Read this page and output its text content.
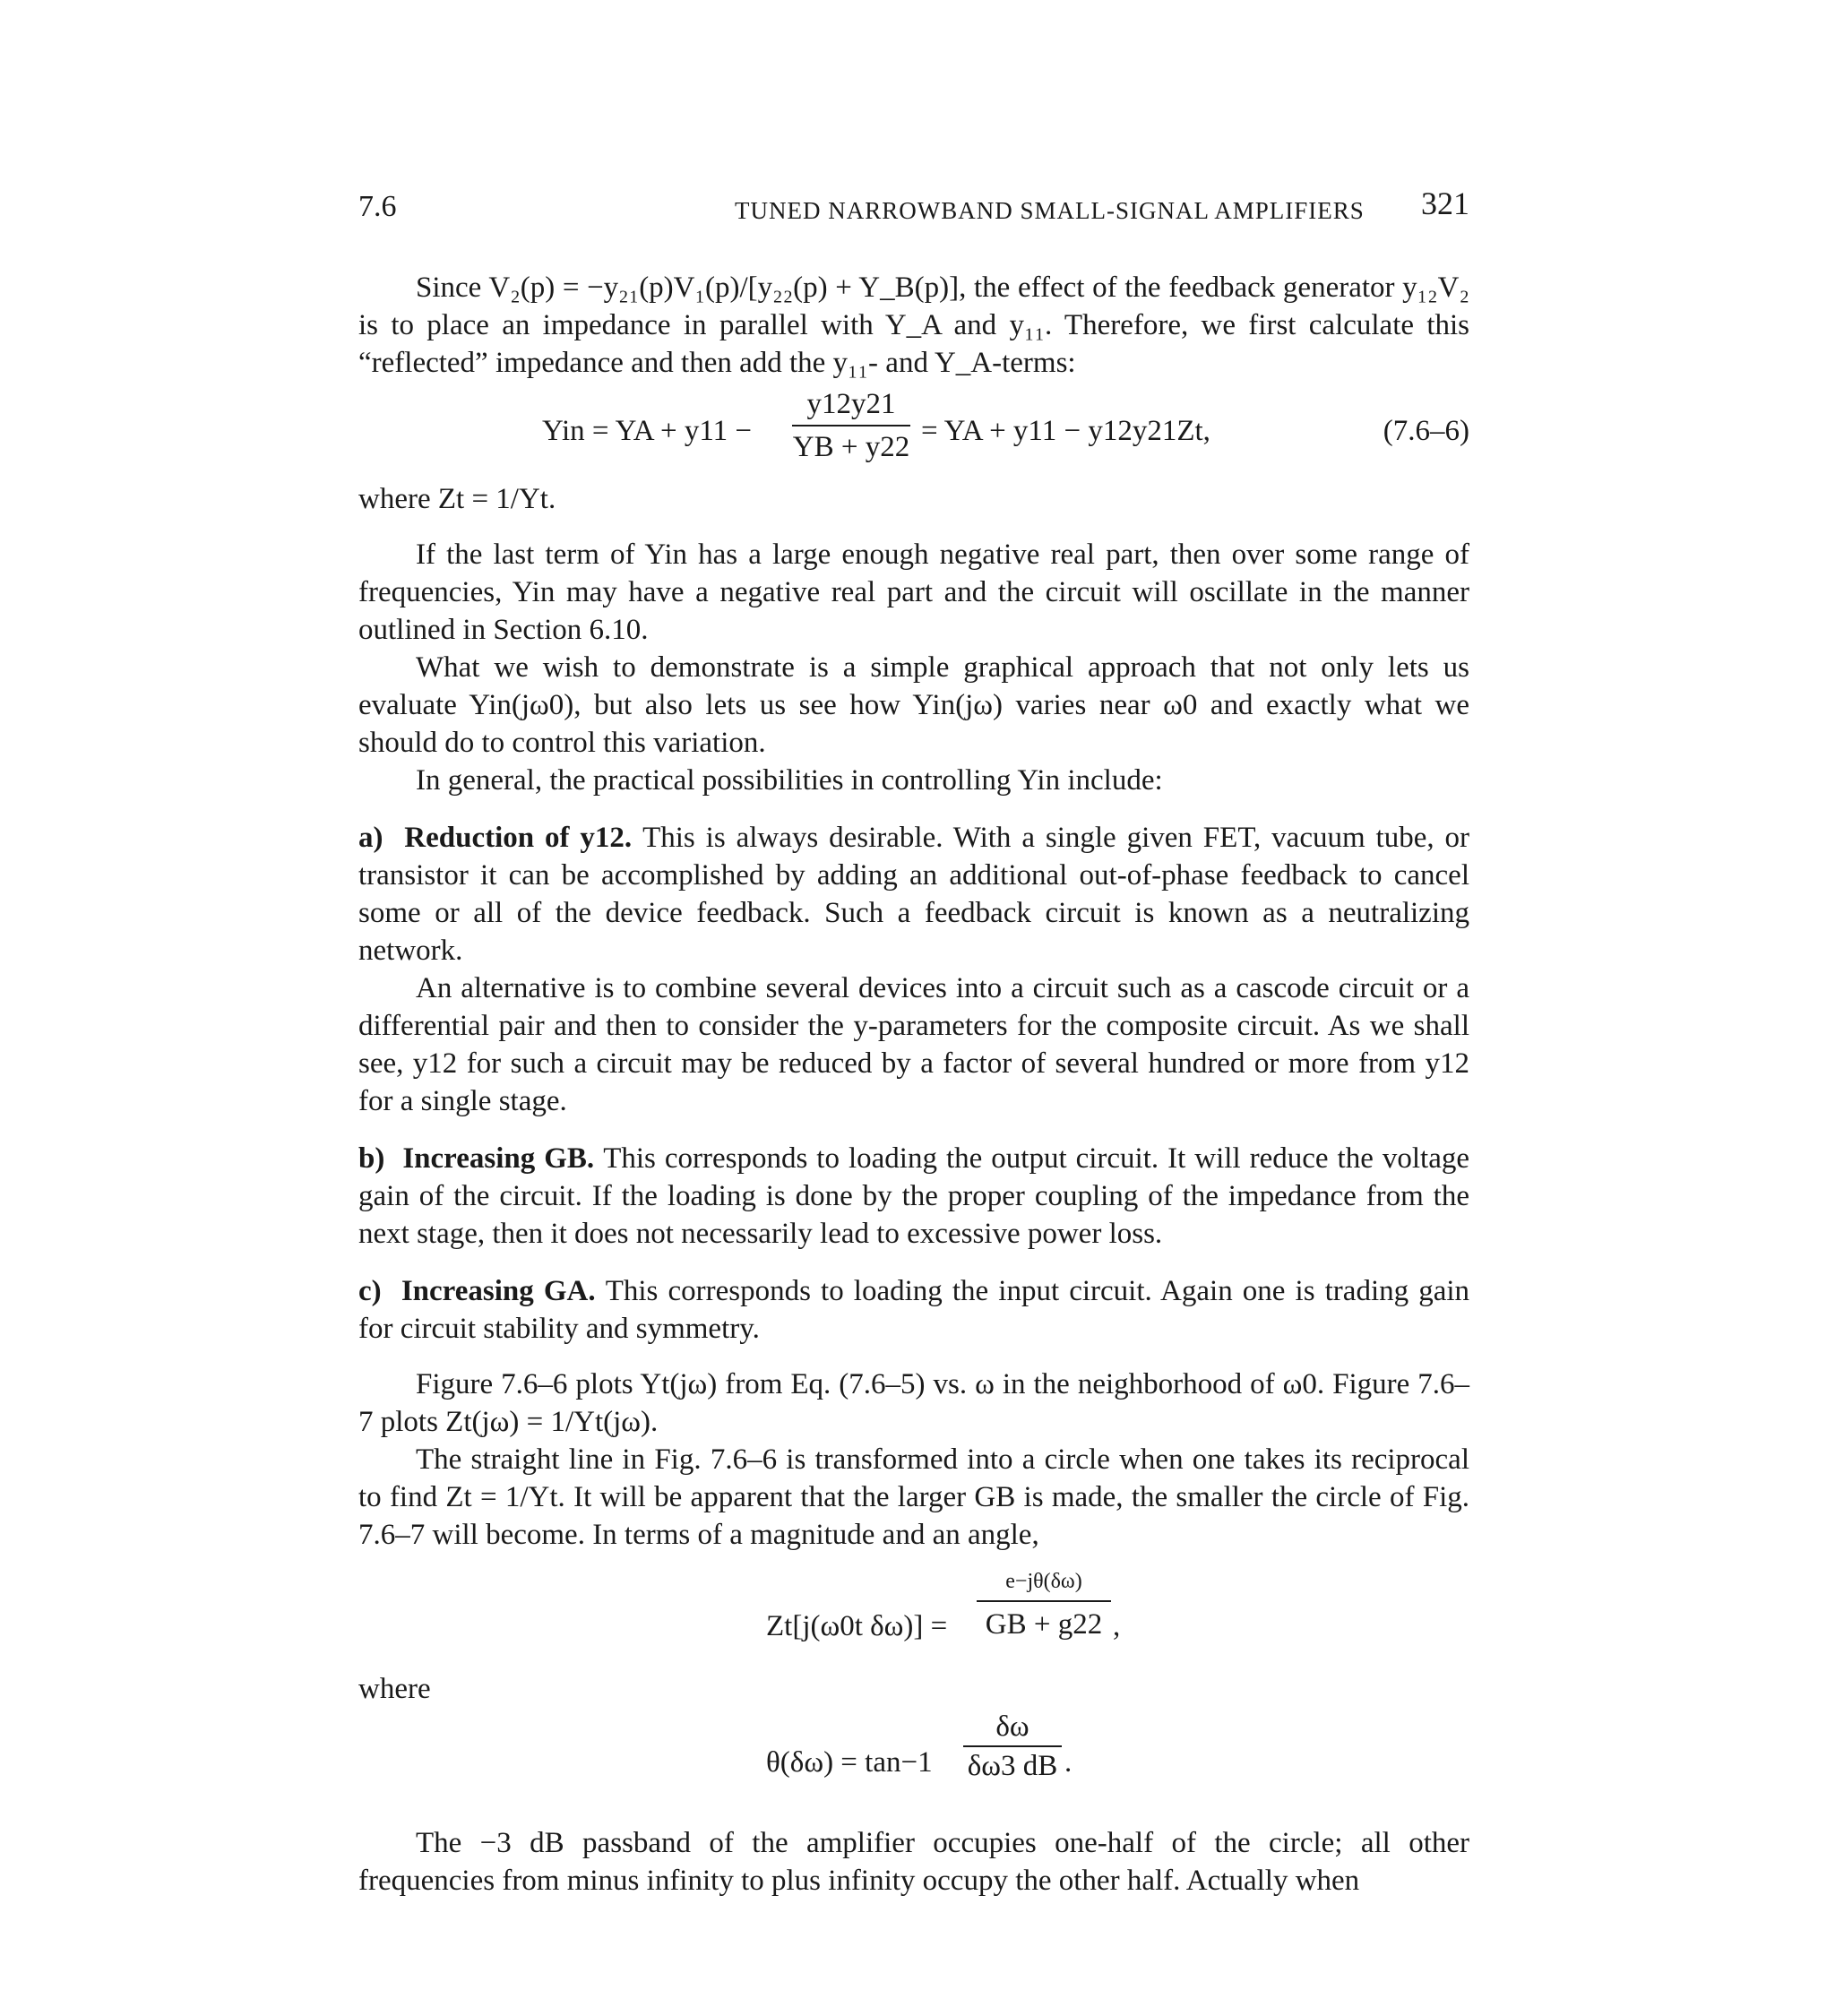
7.6	TUNED NARROWBAND SMALL-SIGNAL AMPLIFIERS 321

Since V₂(p) = −y₂₁(p)V₁(p)/[y₂₂(p) + Y_B(p)], the effect of the feedback generator y₁₂V₂ is to place an impedance in parallel with Y_A and y₁₁. Therefore, we first calculate this “reflected” impedance and then add the y₁₁- and Y_A-terms:

Yin = YA + y11 −
y12y21
YB + y22 = YA + y11 − y12y21Zt,	(7.6–6)

where Zt = 1/Yt.

If the last term of Yin has a large enough negative real part, then over some range of frequencies, Yin may have a negative real part and the circuit will oscillate in the manner outlined in Section 6.10.

What we wish to demonstrate is a simple graphical approach that not only lets us evaluate Yin(jω0), but also lets us see how Yin(jω) varies near ω0 and exactly what we should do to control this variation.

In general, the practical possibilities in controlling Yin include:

a) Reduction of y12. This is always desirable. With a single given FET, vacuum tube, or transistor it can be accomplished by adding an additional out-of-phase feedback to cancel some or all of the device feedback. Such a feedback circuit is known as a neutralizing network.

An alternative is to combine several devices into a circuit such as a cascode circuit or a differential pair and then to consider the y-parameters for the composite circuit. As we shall see, y12 for such a circuit may be reduced by a factor of several hundred or more from y12 for a single stage.

b) Increasing GB. This corresponds to loading the output circuit. It will reduce the voltage gain of the circuit. If the loading is done by the proper coupling of the impedance from the next stage, then it does not necessarily lead to excessive power loss.

c) Increasing GA. This corresponds to loading the input circuit. Again one is trading gain for circuit stability and symmetry.

Figure 7.6–6 plots Yt(jω) from Eq. (7.6–5) vs. ω in the neighborhood of ω0. Figure 7.6–7 plots Zt(jω) = 1/Yt(jω).

The straight line in Fig. 7.6–6 is transformed into a circle when one takes its reciprocal to find Zt = 1/Yt. It will be apparent that the larger GB is made, the smaller the circle of Fig. 7.6–7 will become. In terms of a magnitude and an angle,

Zt[j(ω0t δω)] =
e−jθ(δω)
GB + g22 ,

where

θ(δω) = tan−1
δω
δω3 dB .

The −3 dB passband of the amplifier occupies one-half of the circle; all other frequencies from minus infinity to plus infinity occupy the other half. Actually when
